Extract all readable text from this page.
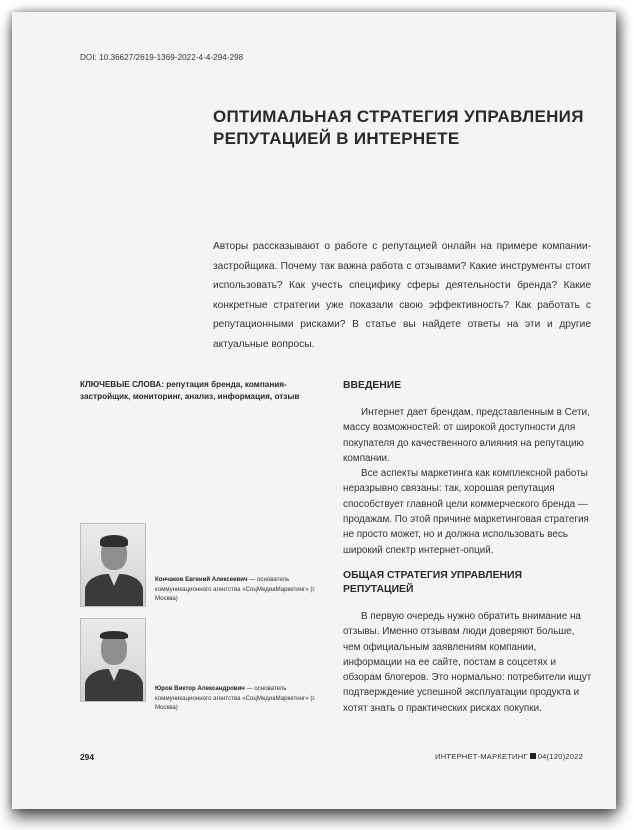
DOI: 10.36627/2619-1369-2022-4-4-294-298
ОПТИМАЛЬНАЯ СТРАТЕГИЯ УПРАВЛЕНИЯ РЕПУТАЦИЕЙ В ИНТЕРНЕТЕ

Авторы рассказывают о работе с репутацией онлайн на примере компании-застройщика. Почему так важна работа с отзывами? Какие инструменты стоит использовать? Как учесть специфику сферы деятельности бренда? Какие конкретные стратегии уже показали свою эффективность? Как работать с репутационными рисками? В статье вы найдете ответы на эти и другие актуальные вопросы.

КЛЮЧЕВЫЕ СЛОВА: репутация бренда, компания-застройщик, мониторинг, анализ, информация, отзыв

ВВЕДЕНИЕ

Интернет дает брендам, представленным в Сети, массу возможностей: от широкой доступности для покупателя до качественного влияния на репутацию компании.

Все аспекты маркетинга как комплексной работы неразрывно связаны: так, хорошая репутация способствует главной цели коммерческого бренда — продажам. По этой причине маркетинговая стратегия не просто может, но и должна использовать весь широкий спектр интернет-опций.

ОБЩАЯ СТРАТЕГИЯ УПРАВЛЕНИЯ РЕПУТАЦИЕЙ

В первую очередь нужно обратить внимание на отзывы. Именно отзывам люди доверяют больше, чем официальным заявлениям компании, информации на ее сайте, постам в соцсетях и обзорам блогеров. Это нормально: потребители ищут подтверждение успешной эксплуатации продукта и хотят знать о практических рисках покупки.

Кончаков Евгений Алексеевич — основатель коммуникационного агентства «СоцМедиаМаркетинг» (г. Москва)
Юров Виктор Александрович — основатель коммуникационного агентства «СоцМедиаМаркетинг» (г. Москва)
294	ИНТЕРНЕТ-МАРКЕТИНГ 04(120)2022
